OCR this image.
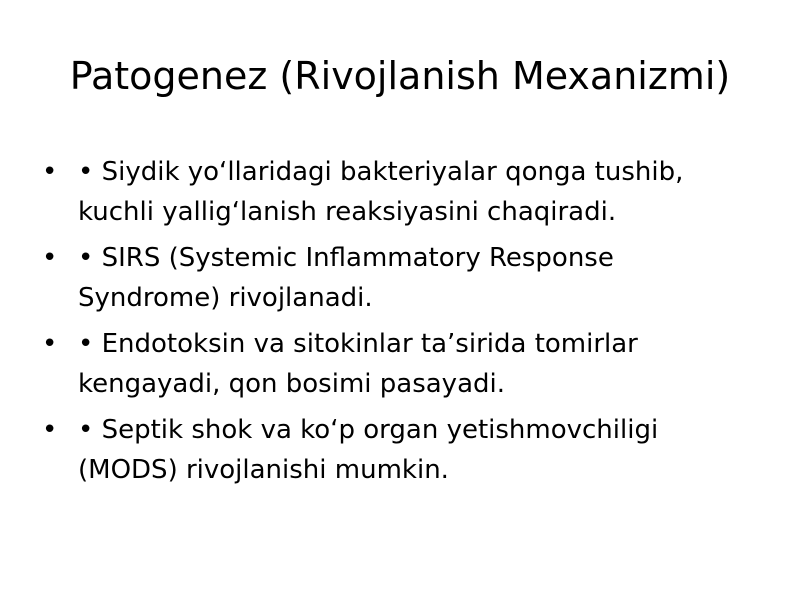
Patogenez (Rivojlanish Mexanizmi)
• • Siydik yo‘llaridagi bakteriyalar qonga tushib, kuchli yallig‘lanish reaksiyasini chaqiradi.
• • SIRS (Systemic Inflammatory Response Syndrome) rivojlanadi.
• • Endotoksin va sitokinlar ta’sirida tomirlar kengayadi, qon bosimi pasayadi.
• • Septik shok va ko‘p organ yetishmovchiligi (MODS) rivojlanishi mumkin.
